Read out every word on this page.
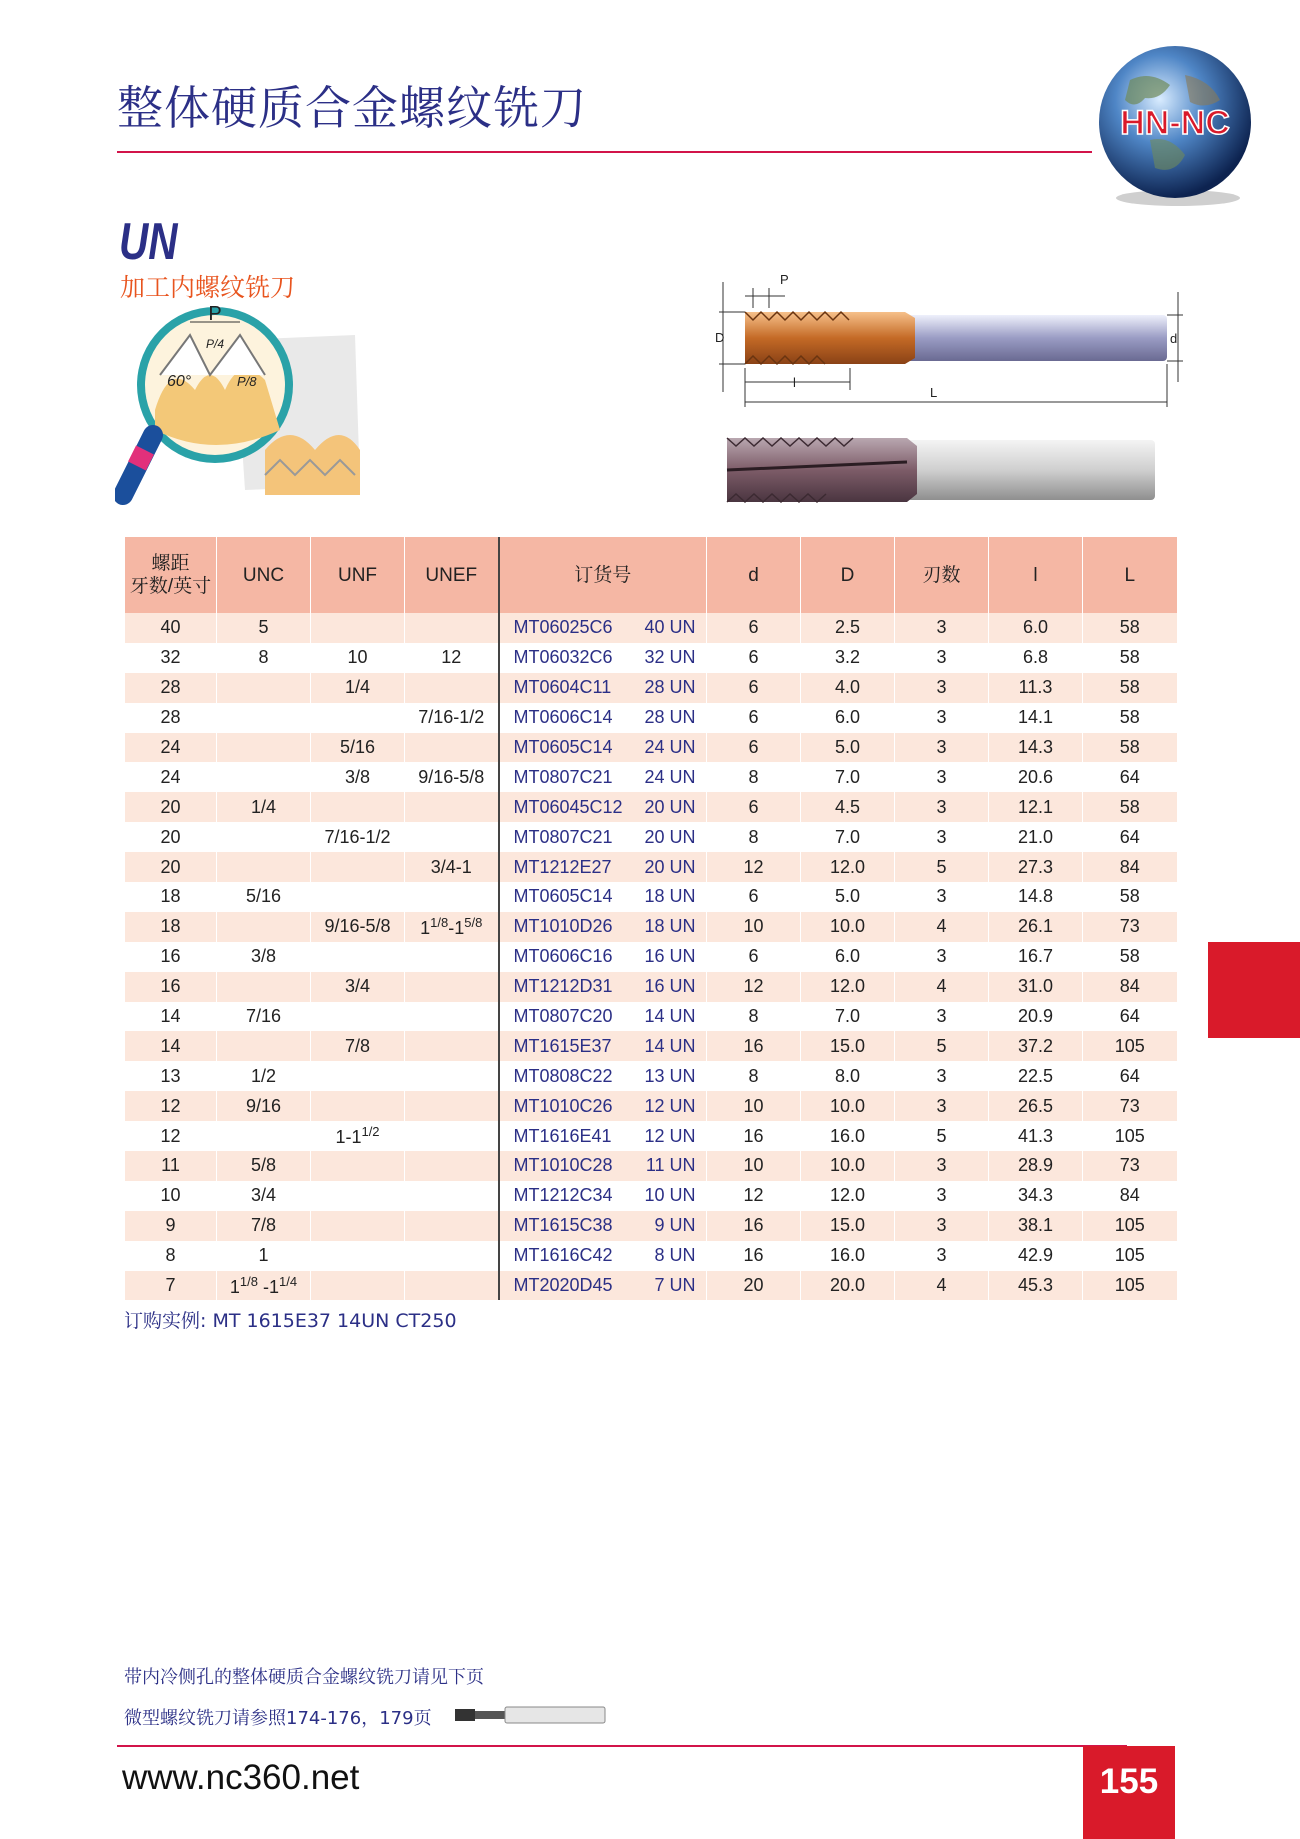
整体硬质合金螺纹铣刀	HN-NC
UN
加工内螺纹铣刀
P
P/4
60°	P/8
D	d
P
l
L
螺距
牙数/英寸	UNC	UNF	UNEF	订货号	d	D	刃数	l	L
40	5			MT06025C6 40 UN	6	2.5	3	6.0	58
32	8	10	12	MT06032C6 32 UN	6	3.2	3	6.8	58
28		1/4		MT0604C11 28 UN	6	4.0	3	11.3	58
28			7/16-1/2	MT0606C14 28 UN	6	6.0	3	14.1	58
24		5/16		MT0605C14 24 UN	6	5.0	3	14.3	58
24		3/8	9/16-5/8	MT0807C21 24 UN	8	7.0	3	20.6	64
20	1/4			MT06045C12 20 UN	6	4.5	3	12.1	58
20		7/16-1/2		MT0807C21 20 UN	8	7.0	3	21.0	64
20			3/4-1	MT1212E27 20 UN	12	12.0	5	27.3	84
18	5/16			MT0605C14 18 UN	6	5.0	3	14.8	58
18		9/16-5/8	$1^{1/8}-1^{5/8}$	MT1010D26 18 UN	10	10.0	4	26.1	73
16	3/8			MT0606C16 16 UN	6	6.0	3	16.7	58
16		3/4		MT1212D31 16 UN	12	12.0	4	31.0	84
14	7/16			MT0807C20 14 UN	8	7.0	3	20.9	64
14		7/8		MT1615E37 14 UN	16	15.0	5	37.2	105
13	1/2			MT0808C22 13 UN	8	8.0	3	22.5	64
12	9/16			MT1010C26 12 UN	10	10.0	3	26.5	73
12		$1-1^{1/2}$		MT1616E41 12 UN	16	16.0	5	41.3	105
11	5/8			MT1010C28 11 UN	10	10.0	3	28.9	73
10	3/4			MT1212C34 10 UN	12	12.0	3	34.3	84
9	7/8			MT1615C38 9 UN	16	15.0	3	38.1	105
8	1			MT1616C42 8 UN	16	16.0	3	42.9	105
7	$1^{1/8}$ $-1^{1/4}$			MT2020D45 7 UN	20	20.0	4	45.3	105
订购实例: MT 1615E37 14UN CT250
带内冷侧孔的整体硬质合金螺纹铣刀请见下页
微型螺纹铣刀请参照174-176，179页
www.nc360.net	155
